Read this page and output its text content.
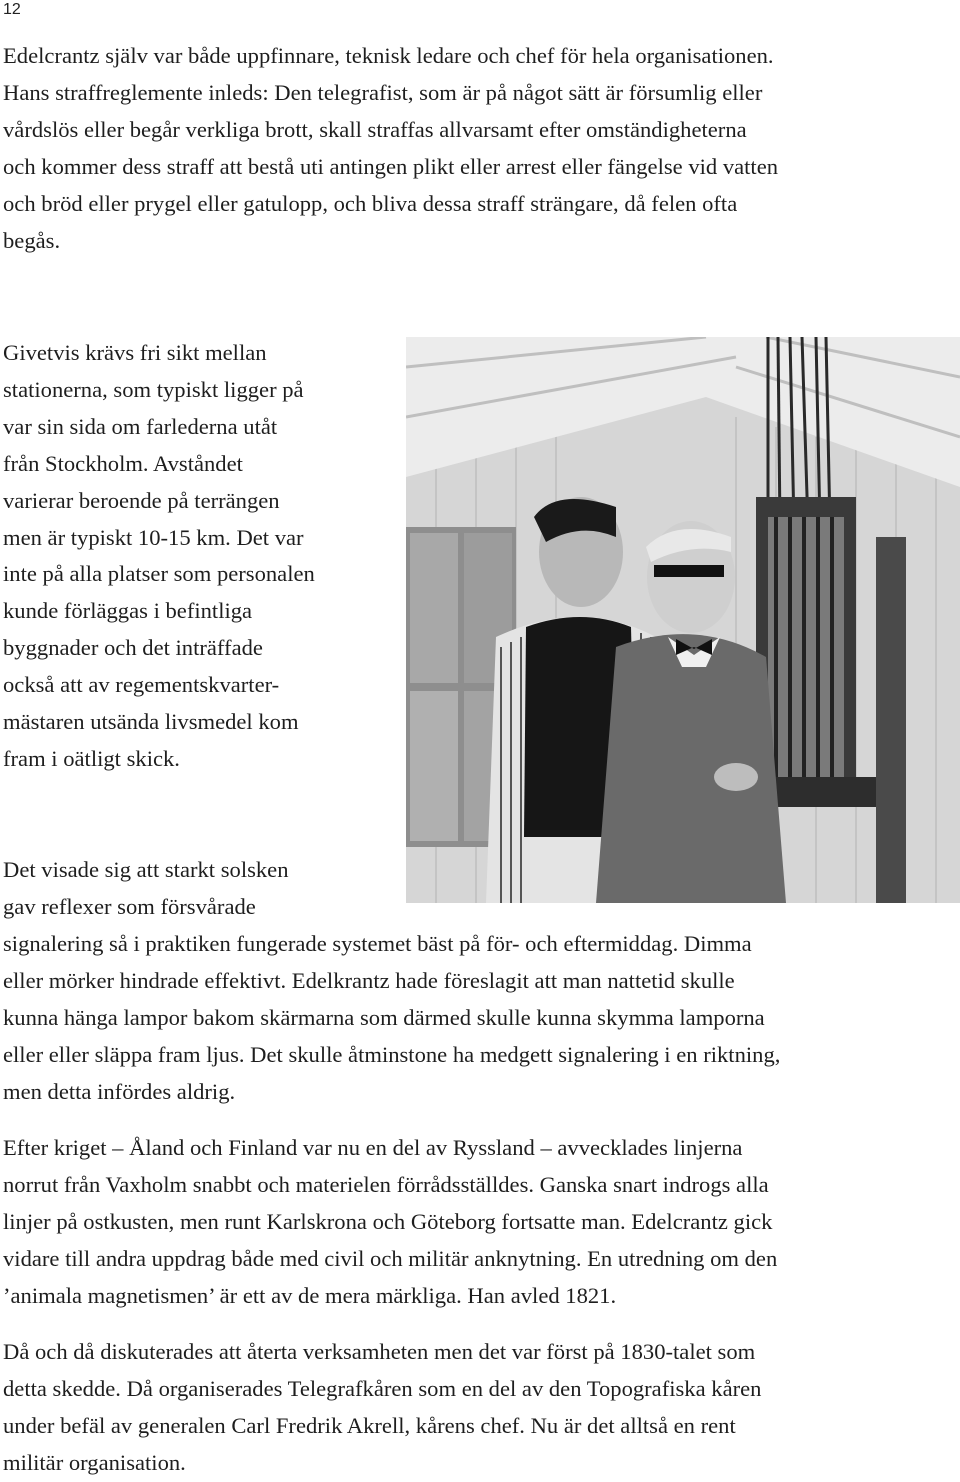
12
Edelcrantz själv var både uppfinnare, teknisk ledare och chef för hela organisationen.
Hans straffreglemente inleds: Den telegrafist, som är på något sätt är försumlig eller
vårdslös eller begår verkliga brott, skall straffas allvarsamt efter omständigheterna
och kommer dess straff att bestå uti antingen plikt eller arrest eller fängelse vid vatten
och bröd eller prygel eller gatulopp, och bliva dessa straff strängare, då felen ofta
begås.
Givetvis krävs fri sikt mellan
stationerna, som typiskt ligger på
var sin sida om farlederna utåt
från Stockholm. Avståndet
varierar beroende på terrängen
men är typiskt 10-15 km. Det var
inte på alla platser som personalen
kunde förläggas i befintliga
byggnader och det inträffade
också att av regementskvarter-
mästaren utsända livsmedel kom
fram i oätligt skick.
Det visade sig att starkt solsken
gav reflexer som försvårade
signalering så i praktiken fungerade systemet bäst på för- och eftermiddag. Dimma
eller mörker hindrade effektivt. Edelkrantz hade föreslagit att man nattetid skulle
kunna hänga lampor bakom skärmarna som därmed skulle kunna skymma lamporna
eller eller släppa fram ljus. Det skulle åtminstone ha medgett signalering i en riktning,
men detta infördes aldrig.
Efter kriget – Åland och Finland var nu en del av Ryssland – avvecklades linjerna
norrut från Vaxholm snabbt och materielen förrådsställdes. Ganska snart indrogs alla
linjer på ostkusten, men runt Karlskrona och Göteborg fortsatte man. Edelcrantz gick
vidare till andra uppdrag både med civil och militär anknytning. En utredning om den
’animala magnetismen’ är ett av de mera märkliga. Han avled 1821.
Då och då diskuterades att återta verksamheten men det var först på 1830-talet som
detta skedde. Då organiserades Telegrafkåren som en del av den Topografiska kåren
under befäl av generalen Carl Fredrik Akrell, kårens chef. Nu är det alltså en rent
militär organisation.
